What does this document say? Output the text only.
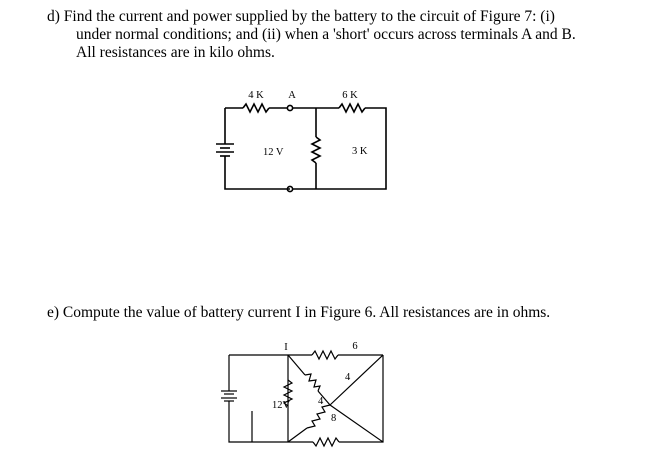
d) Find the current and power supplied by the battery to the circuit of Figure 7: (i)
under normal conditions; and (ii) when a 'short' occurs across terminals A and B.
All resistances are in kilo ohms.
e) Compute the value of battery current I in Figure 6. All resistances are in ohms.
4 K A	6 K
12 V	3 K
I	6
4
4
8
12V
